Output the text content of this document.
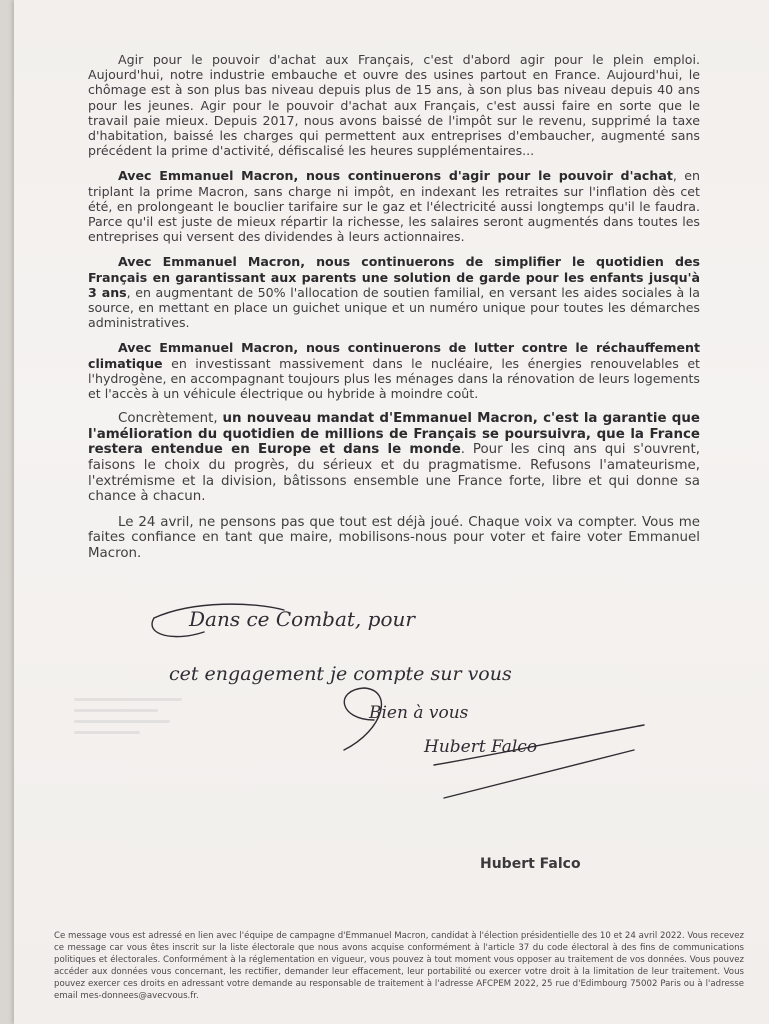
Agir pour le pouvoir d'achat aux Français, c'est d'abord agir pour le plein emploi. Aujourd'hui, notre industrie embauche et ouvre des usines partout en France. Aujourd'hui, le chômage est à son plus bas niveau depuis plus de 15 ans, à son plus bas niveau depuis 40 ans pour les jeunes. Agir pour le pouvoir d'achat aux Français, c'est aussi faire en sorte que le travail paie mieux. Depuis 2017, nous avons baissé de l'impôt sur le revenu, supprimé la taxe d'habitation, baissé les charges qui permettent aux entreprises d'embaucher, augmenté sans précédent la prime d'activité, défiscalisé les heures supplémentaires...

Avec Emmanuel Macron, nous continuerons d'agir pour le pouvoir d'achat, en triplant la prime Macron, sans charge ni impôt, en indexant les retraites sur l'inflation dès cet été, en prolongeant le bouclier tarifaire sur le gaz et l'électricité aussi longtemps qu'il le faudra. Parce qu'il est juste de mieux répartir la richesse, les salaires seront augmentés dans toutes les entreprises qui versent des dividendes à leurs actionnaires.

Avec Emmanuel Macron, nous continuerons de simplifier le quotidien des Français en garantissant aux parents une solution de garde pour les enfants jusqu'à 3 ans, en augmentant de 50% l'allocation de soutien familial, en versant les aides sociales à la source, en mettant en place un guichet unique et un numéro unique pour toutes les démarches administratives.

Avec Emmanuel Macron, nous continuerons de lutter contre le réchauffement climatique en investissant massivement dans le nucléaire, les énergies renouvelables et l'hydrogène, en accompagnant toujours plus les ménages dans la rénovation de leurs logements et l'accès à un véhicule électrique ou hybride à moindre coût.

Concrètement, un nouveau mandat d'Emmanuel Macron, c'est la garantie que l'amélioration du quotidien de millions de Français se poursuivra, que la France restera entendue en Europe et dans le monde. Pour les cinq ans qui s'ouvrent, faisons le choix du progrès, du sérieux et du pragmatisme. Refusons l'amateurisme, l'extrémisme et la division, bâtissons ensemble une France forte, libre et qui donne sa chance à chacun.

Le 24 avril, ne pensons pas que tout est déjà joué. Chaque voix va compter. Vous me faites confiance en tant que maire, mobilisons-nous pour voter et faire voter Emmanuel Macron.

Dans ce Combat, pour
cet engagement je compte sur vous
Bien à vous
Hubert Falco
Hubert Falco
Ce message vous est adressé en lien avec l'équipe de campagne d'Emmanuel Macron, candidat à l'élection présidentielle des 10 et 24 avril 2022. Vous recevez ce message car vous êtes inscrit sur la liste électorale que nous avons acquise conformément à l'article 37 du code électoral à des fins de communications politiques et électorales. Conformément à la réglementation en vigueur, vous pouvez à tout moment vous opposer au traitement de vos données. Vous pouvez accéder aux données vous concernant, les rectifier, demander leur effacement, leur portabilité ou exercer votre droit à la limitation de leur traitement. Vous pouvez exercer ces droits en adressant votre demande au responsable de traitement à l'adresse AFCPEM 2022, 25 rue d'Edimbourg 75002 Paris ou à l'adresse email mes-donnees@avecvous.fr.
